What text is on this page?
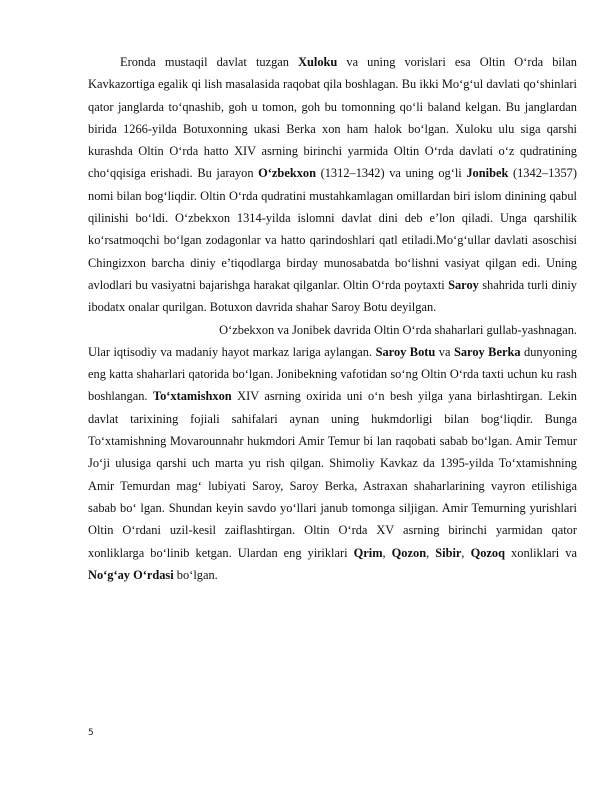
Eronda mustaqil davlat tuzgan Xuloku va uning vorislari esa Oltin O‘rda bilan Kavkazortiga egalik qi lish masalasida raqobat qila boshlagan. Bu ikki Mo‘g‘ul davlati qo‘shinlari qator janglarda to‘qnashib, goh u tomon, goh bu tomonning qo‘li baland kelgan. Bu janglardan birida 1266-yilda Botuxonning ukasi Berka xon ham halok bo‘lgan. Xuloku ulu siga qarshi kurashda Oltin O‘rda hatto XIV asrning birinchi yarmida Oltin O‘rda davlati o‘z qudratining cho‘qqisiga erishadi. Bu jarayon O‘zbekxon (1312–1342) va uning og‘li Jonibek (1342–1357) nomi bilan bog‘liqdir. Oltin O‘rda qudratini mustahkamlagan omillardan biri islom dinining qabul qilinishi bo‘ldi. O‘zbekxon 1314-yilda islomni davlat dini deb e’lon qiladi. Unga qarshilik ko‘rsatmoqchi bo‘lgan zodagonlar va hatto qarindoshlari qatl etiladi.Mo‘g‘ullar davlati asoschisi Chingizxon barcha diniy e’tiqodlarga birday munosabatda bo‘lishni vasiyat qilgan edi. Uning avlodlari bu vasiyatni bajarishga harakat qilganlar. Oltin O‘rda poytaxti Saroy shahrida turli diniy ibodatx onalar qurilgan. Botuxon davrida shahar Saroy Botu deyilgan.

O‘zbekxon va Jonibek davrida Oltin O‘rda shaharlari gullab-yashnagan.

Ular iqtisodiy va madaniy hayot markaz lariga aylangan. Saroy Botu va Saroy Berka dunyoning eng katta shaharlari qatorida bo‘lgan. Jonibekning vafotidan so‘ng Oltin O‘rda taxti uchun ku rash boshlangan. To‘xtamishxon XIV asrning oxirida uni o‘n besh yilga yana birlashtirgan. Lekin davlat tarixining fojiali sahifalari aynan uning hukmdorligi bilan bog‘liqdir. Bunga To‘xtamishning Movarounnahr hukmdori Amir Temur bi lan raqobati sabab bo‘lgan. Amir Temur Jo‘ji ulusiga qarshi uch marta yu rish qilgan. Shimoliy Kavkaz da 1395-yilda To‘xtamishning Amir Temurdan mag‘ lubiyati Saroy, Saroy Berka, Astraxan shaharlarining vayron etilishiga sabab bo‘ lgan. Shundan keyin savdo yo‘llari janub tomonga siljigan. Amir Temurning yurishlari Oltin O‘rdani uzil-kesil zaiflashtirgan. Oltin O‘rda XV asrning birinchi yarmidan qator xonliklarga bo‘linib ketgan. Ulardan eng yiriklari Qrim, Qozon, Sibir, Qozoq xonliklari va No‘g‘ay O‘rdasi bo‘lgan.

5
